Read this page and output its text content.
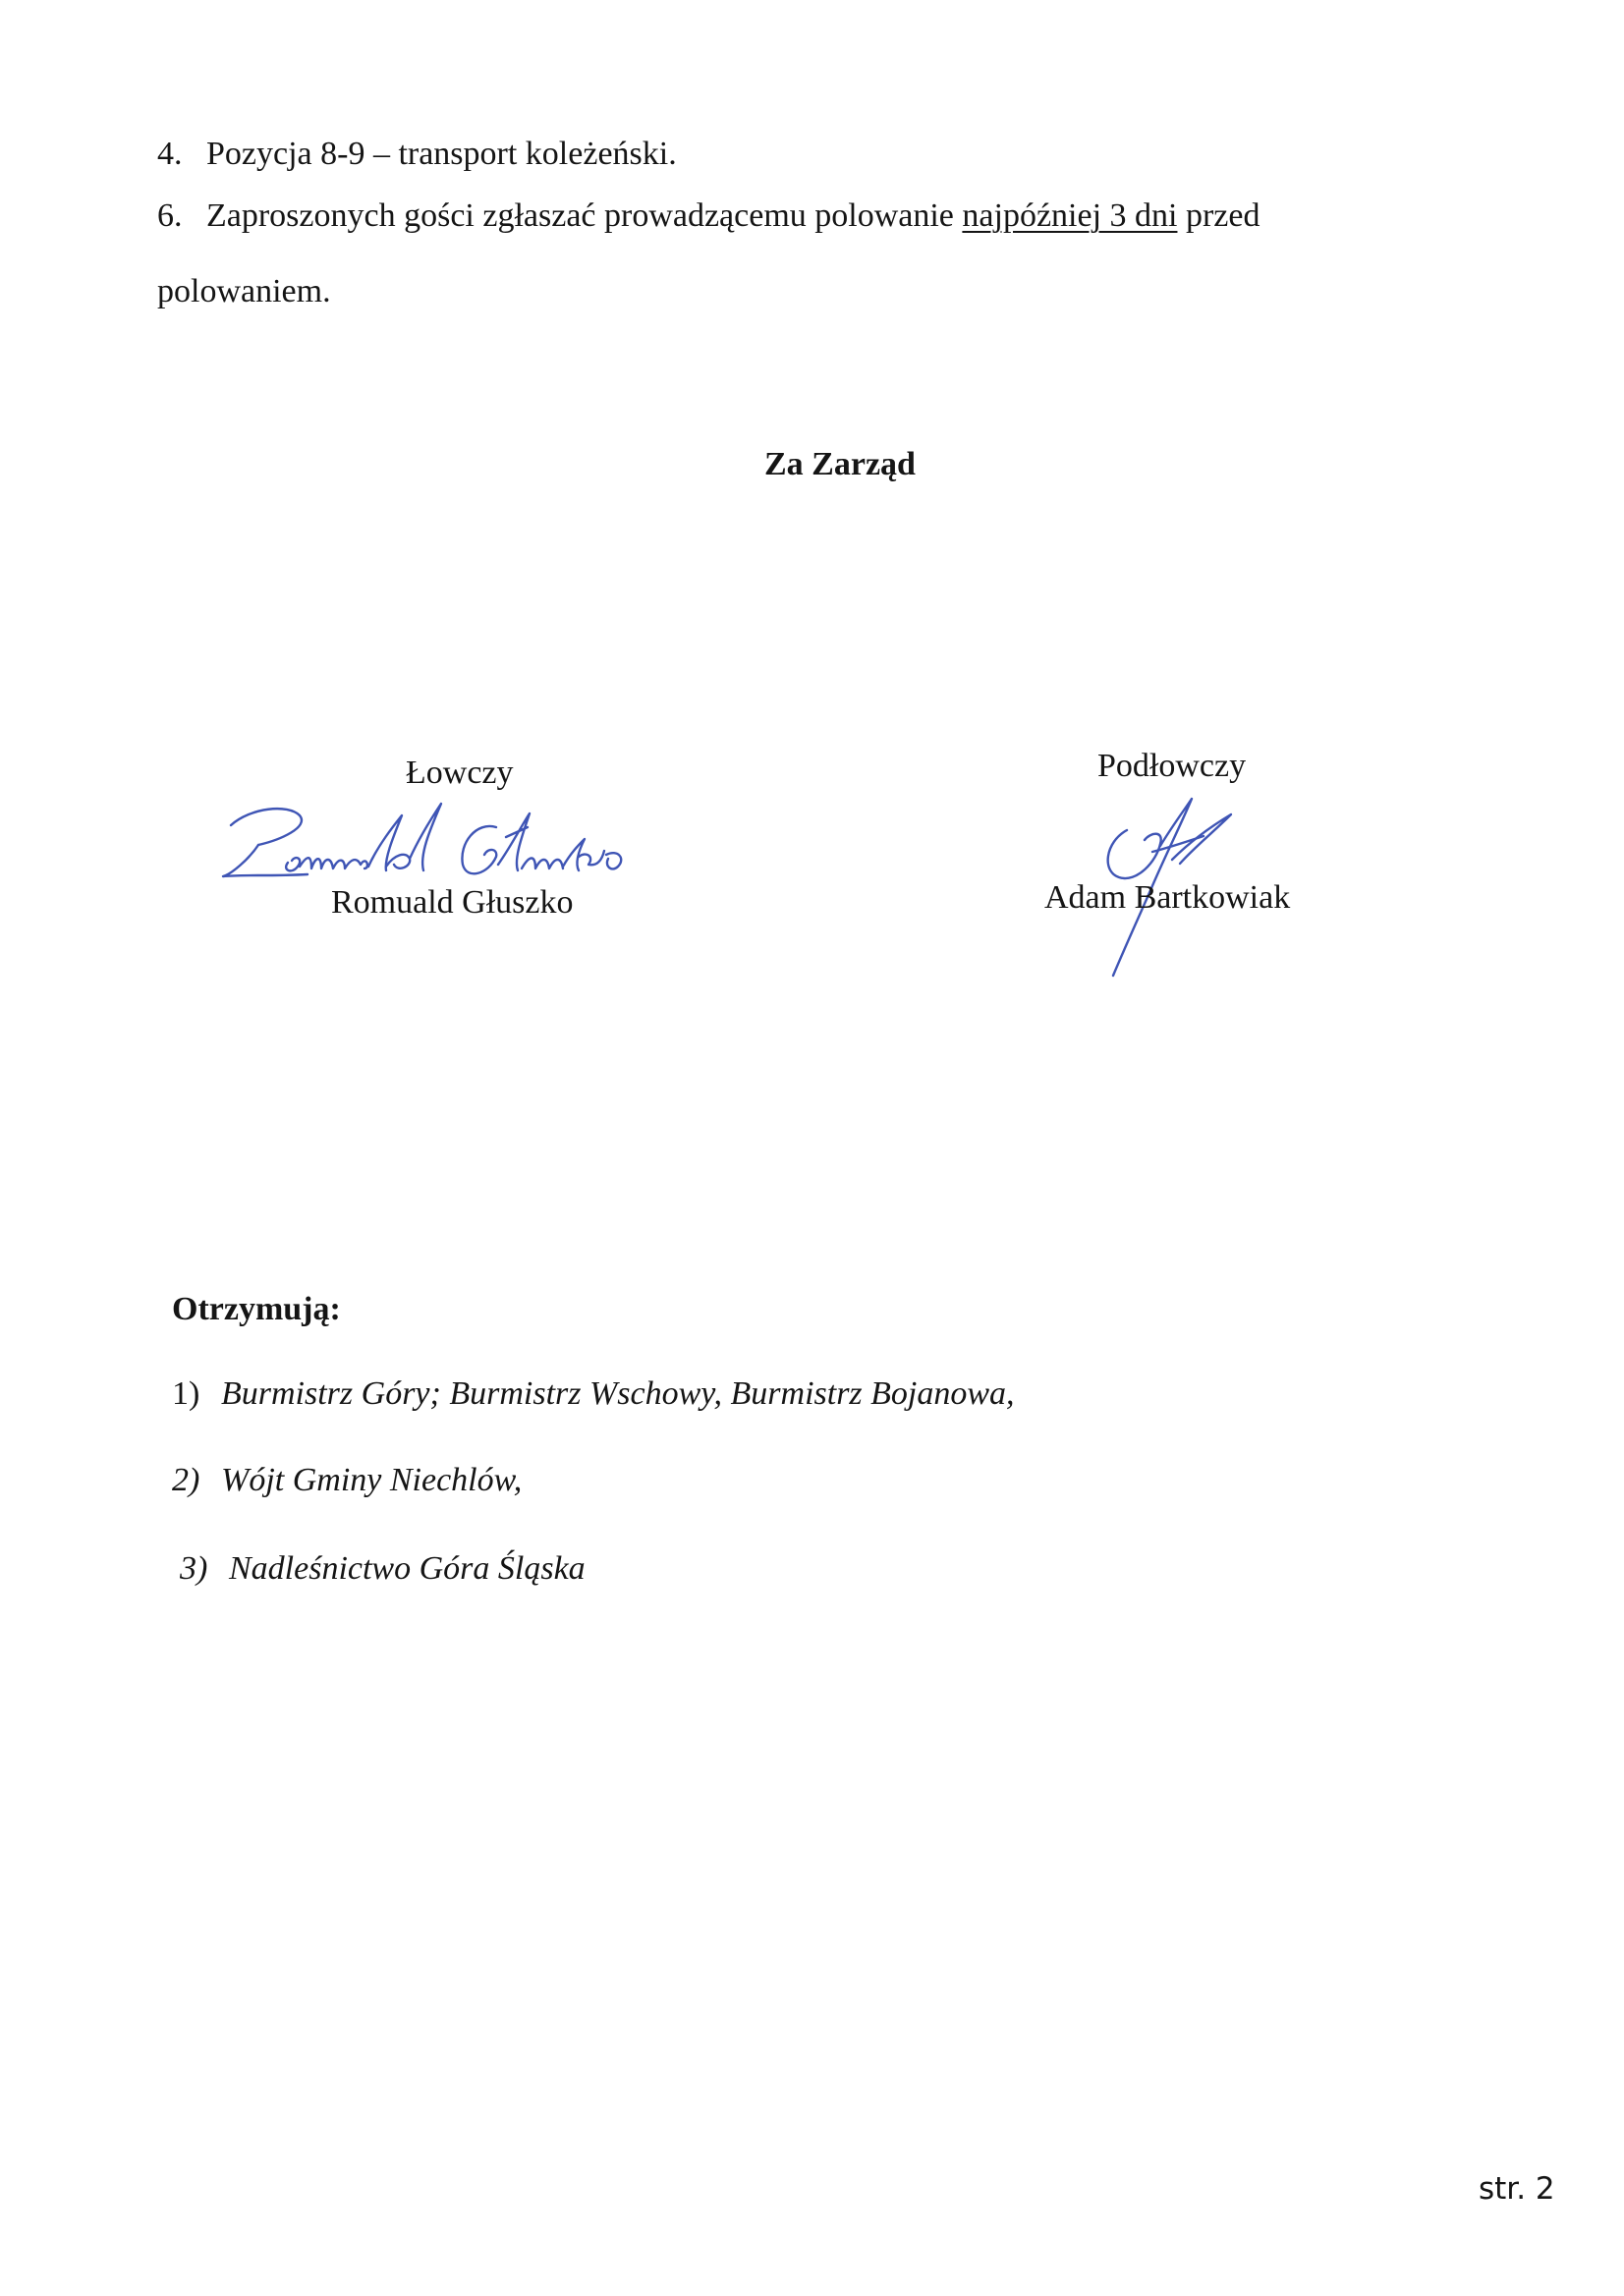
4. Pozycja 8-9 – transport koleżeński.
6. Zaproszonych gości zgłaszać prowadzącemu polowanie najpóźniej 3 dni przed
polowaniem.
Za Zarząd
Łowczy
Romuald Głuszko
Podłowczy
Adam Bartkowiak
Otrzymują:
1) Burmistrz Góry; Burmistrz Wschowy, Burmistrz Bojanowa,
2) Wójt Gminy Niechlów,
3) Nadleśnictwo Góra Śląska
str. 2
